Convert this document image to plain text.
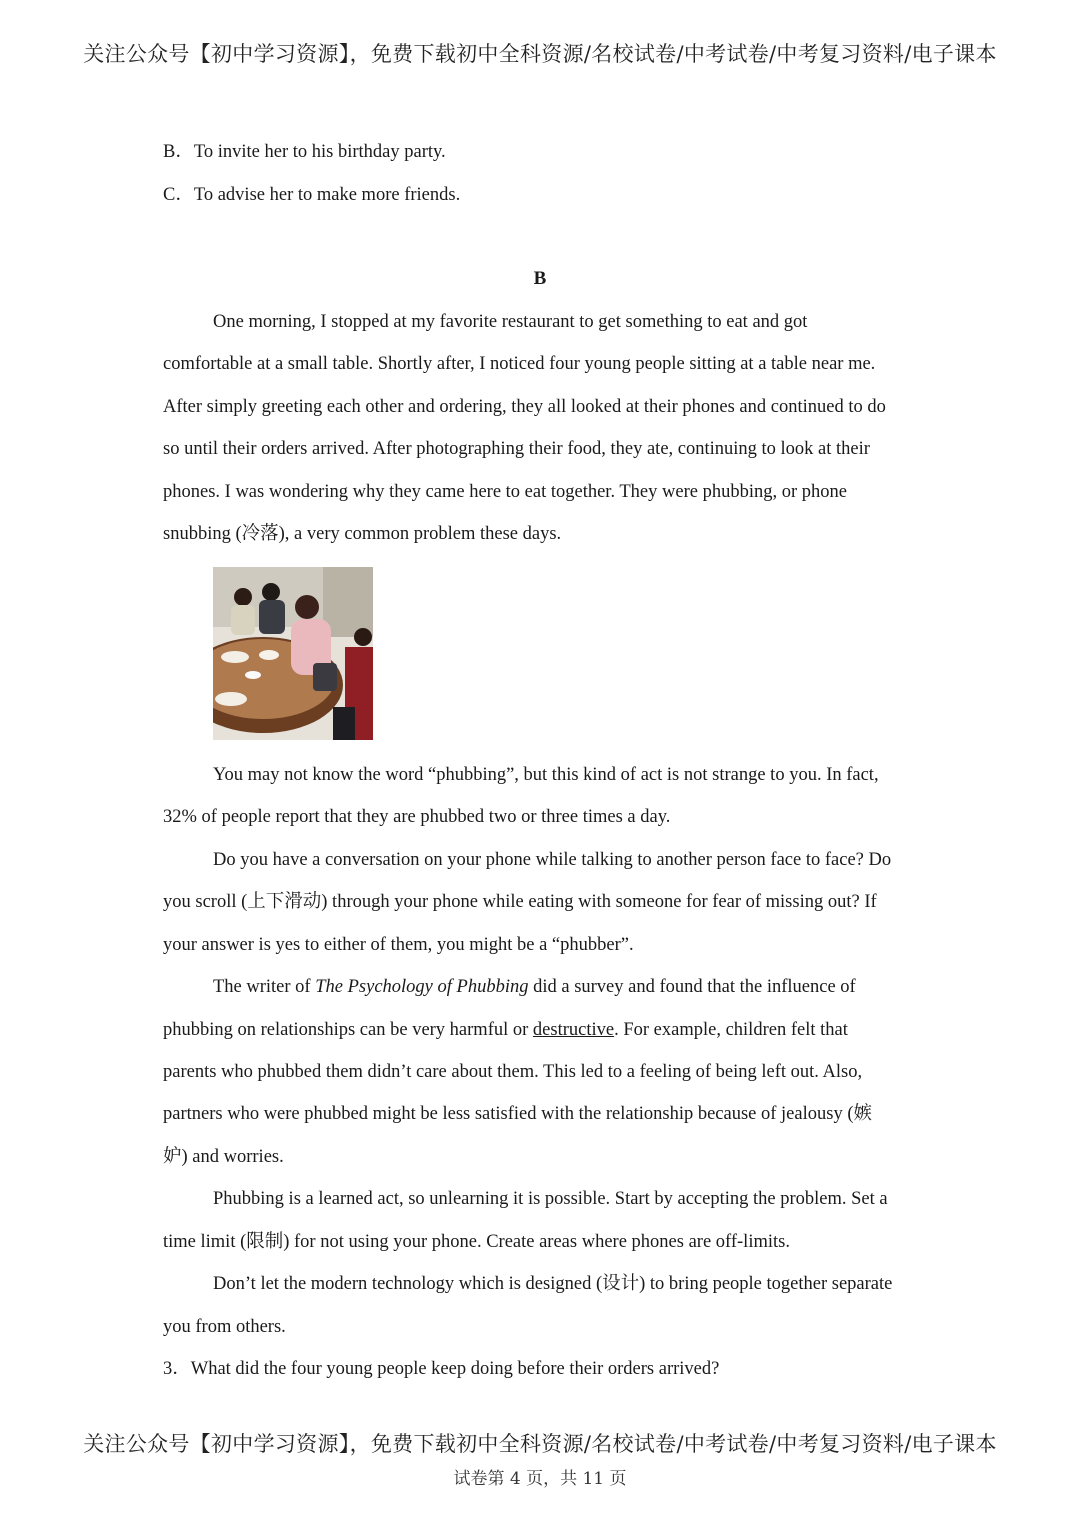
关注公众号【初中学习资源】，免费下载初中全科资源/名校试卷/中考试卷/中考复习资料/电子课本
B．To invite her to his birthday party.
C．To advise her to make more friends.
B
One morning, I stopped at my favorite restaurant to get something to eat and got
comfortable at a small table. Shortly after, I noticed four young people sitting at a table near me.
After simply greeting each other and ordering, they all looked at their phones and continued to do
so until their orders arrived. After photographing their food, they ate, continuing to look at their
phones. I was wondering why they came here to eat together. They were phubbing, or phone
snubbing (冷落), a very common problem these days.
You may not know the word “phubbing”, but this kind of act is not strange to you. In fact,
32% of people report that they are phubbed two or three times a day.
Do you have a conversation on your phone while talking to another person face to face? Do
you scroll (上下滑动) through your phone while eating with someone for fear of missing out? If
your answer is yes to either of them, you might be a “phubber”.
The writer of The Psychology of Phubbing did a survey and found that the influence of
phubbing on relationships can be very harmful or destructive. For example, children felt that
parents who phubbed them didn’t care about them. This led to a feeling of being left out. Also,
partners who were phubbed might be less satisfied with the relationship because of jealousy (嫉
妒) and worries.
Phubbing is a learned act, so unlearning it is possible. Start by accepting the problem. Set a
time limit (限制) for not using your phone. Create areas where phones are off-limits.
Don’t let the modern technology which is designed (设计) to bring people together separate
you from others.
3．What did the four young people keep doing before their orders arrived?
关注公众号【初中学习资源】，免费下载初中全科资源/名校试卷/中考试卷/中考复习资料/电子课本
试卷第 4 页，共 11 页
